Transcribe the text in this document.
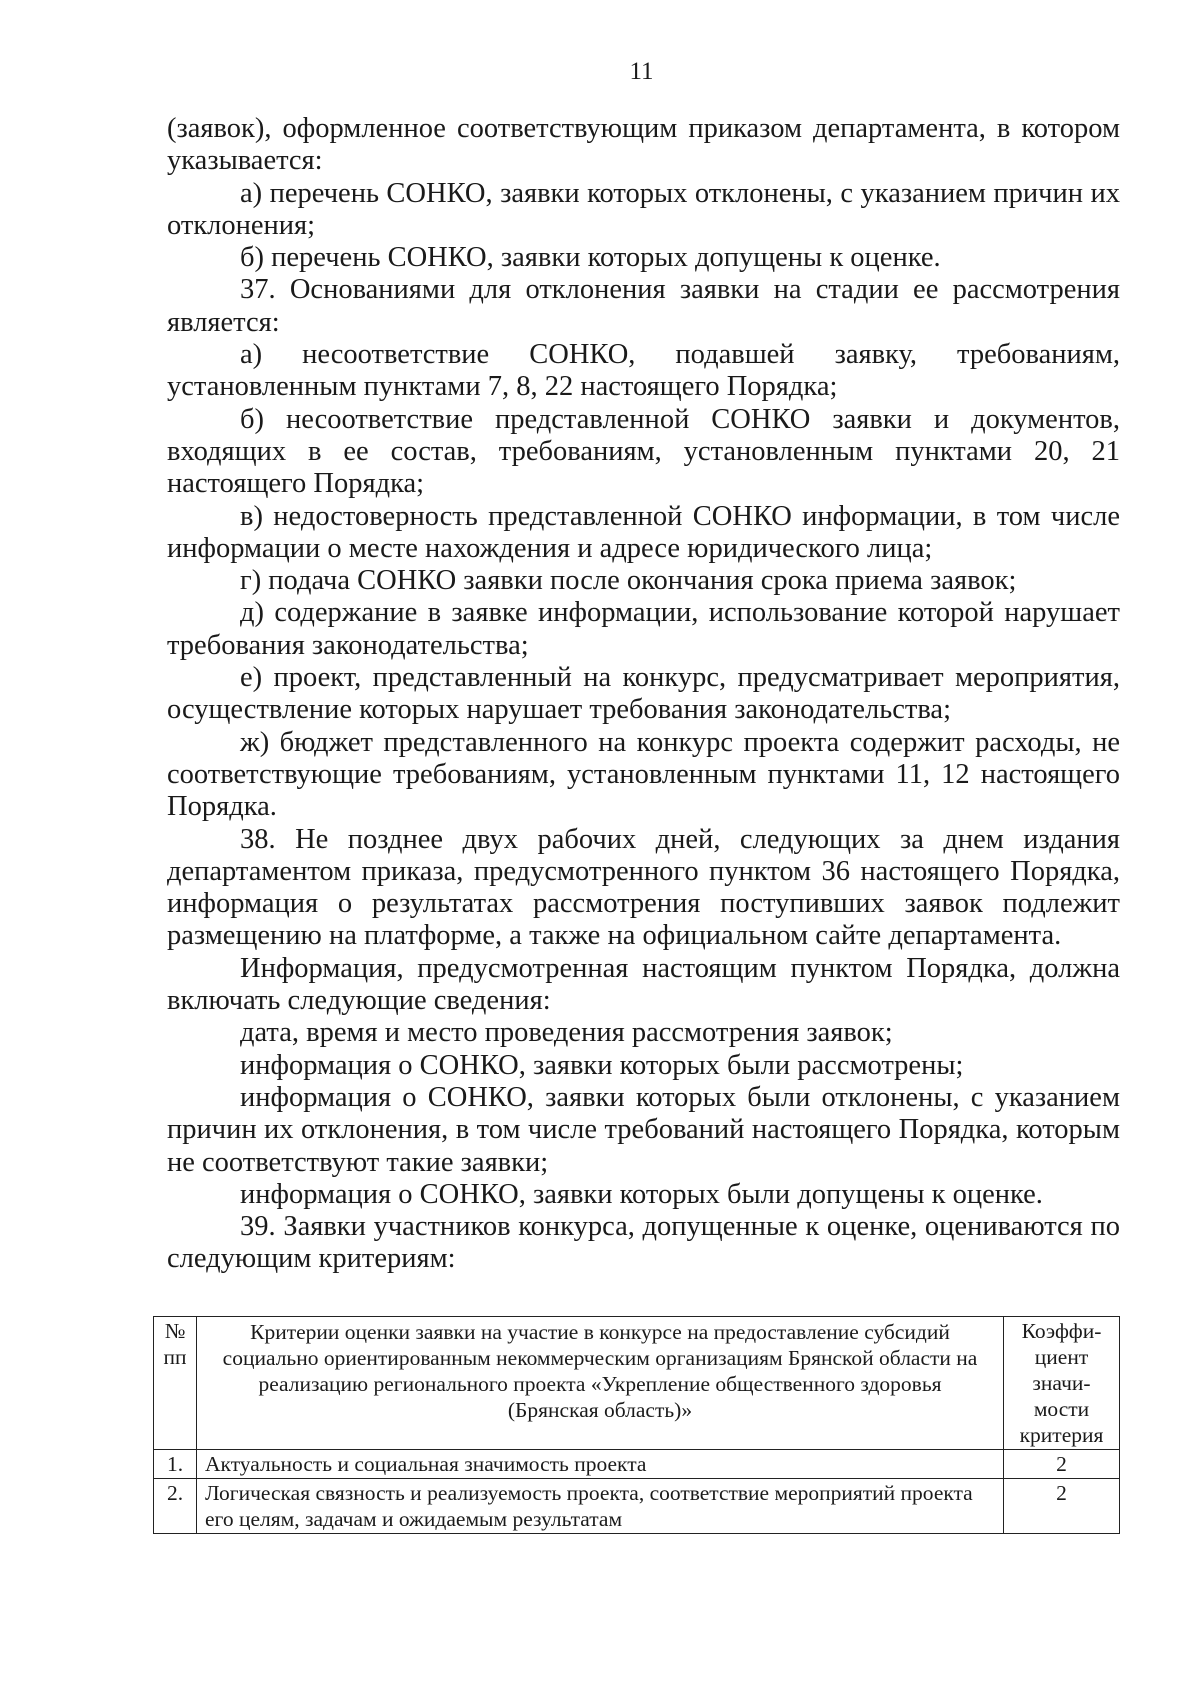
11

(заявок), оформленное соответствующим приказом департамента, в котором указывается:

а) перечень СОНКО, заявки которых отклонены, с указанием причин их отклонения;

б) перечень СОНКО, заявки которых допущены к оценке.

37. Основаниями для отклонения заявки на стадии ее рассмотрения является:

а) несоответствие СОНКО, подавшей заявку, требованиям, установленным пунктами 7, 8, 22 настоящего Порядка;

б) несоответствие представленной СОНКО заявки и документов, входящих в ее состав, требованиям, установленным пунктами 20, 21 настоящего Порядка;

в) недостоверность представленной СОНКО информации, в том числе информации о месте нахождения и адресе юридического лица;

г) подача СОНКО заявки после окончания срока приема заявок;

д) содержание в заявке информации, использование которой нарушает требования законодательства;

е) проект, представленный на конкурс, предусматривает мероприятия, осуществление которых нарушает требования законодательства;

ж) бюджет представленного на конкурс проекта содержит расходы, не соответствующие требованиям, установленным пунктами 11, 12 настоящего Порядка.

38. Не позднее двух рабочих дней, следующих за днем издания департаментом приказа, предусмотренного пунктом 36 настоящего Порядка, информация о результатах рассмотрения поступивших заявок подлежит размещению на платформе, а также на официальном сайте департамента.

Информация, предусмотренная настоящим пунктом Порядка, должна включать следующие сведения:

дата, время и место проведения рассмотрения заявок;

информация о СОНКО, заявки которых были рассмотрены;

информация о СОНКО, заявки которых были отклонены, с указанием причин их отклонения, в том числе требований настоящего Порядка, которым не соответствуют такие заявки;

информация о СОНКО, заявки которых были допущены к оценке.

39. Заявки участников конкурса, допущенные к оценке, оцениваются по следующим критериям:

№ пп	Критерии оценки заявки на участие в конкурсе на предоставление субсидий социально ориентированным некоммерческим организациям Брянской области на реализацию регионального проекта «Укрепление общественного здоровья (Брянская область)»	Коэффи-циент значи-мости критерия
1.	Актуальность и социальная значимость проекта	2
2.	Логическая связность и реализуемость проекта, соответствие мероприятий проекта его целям, задачам и ожидаемым результатам	2
